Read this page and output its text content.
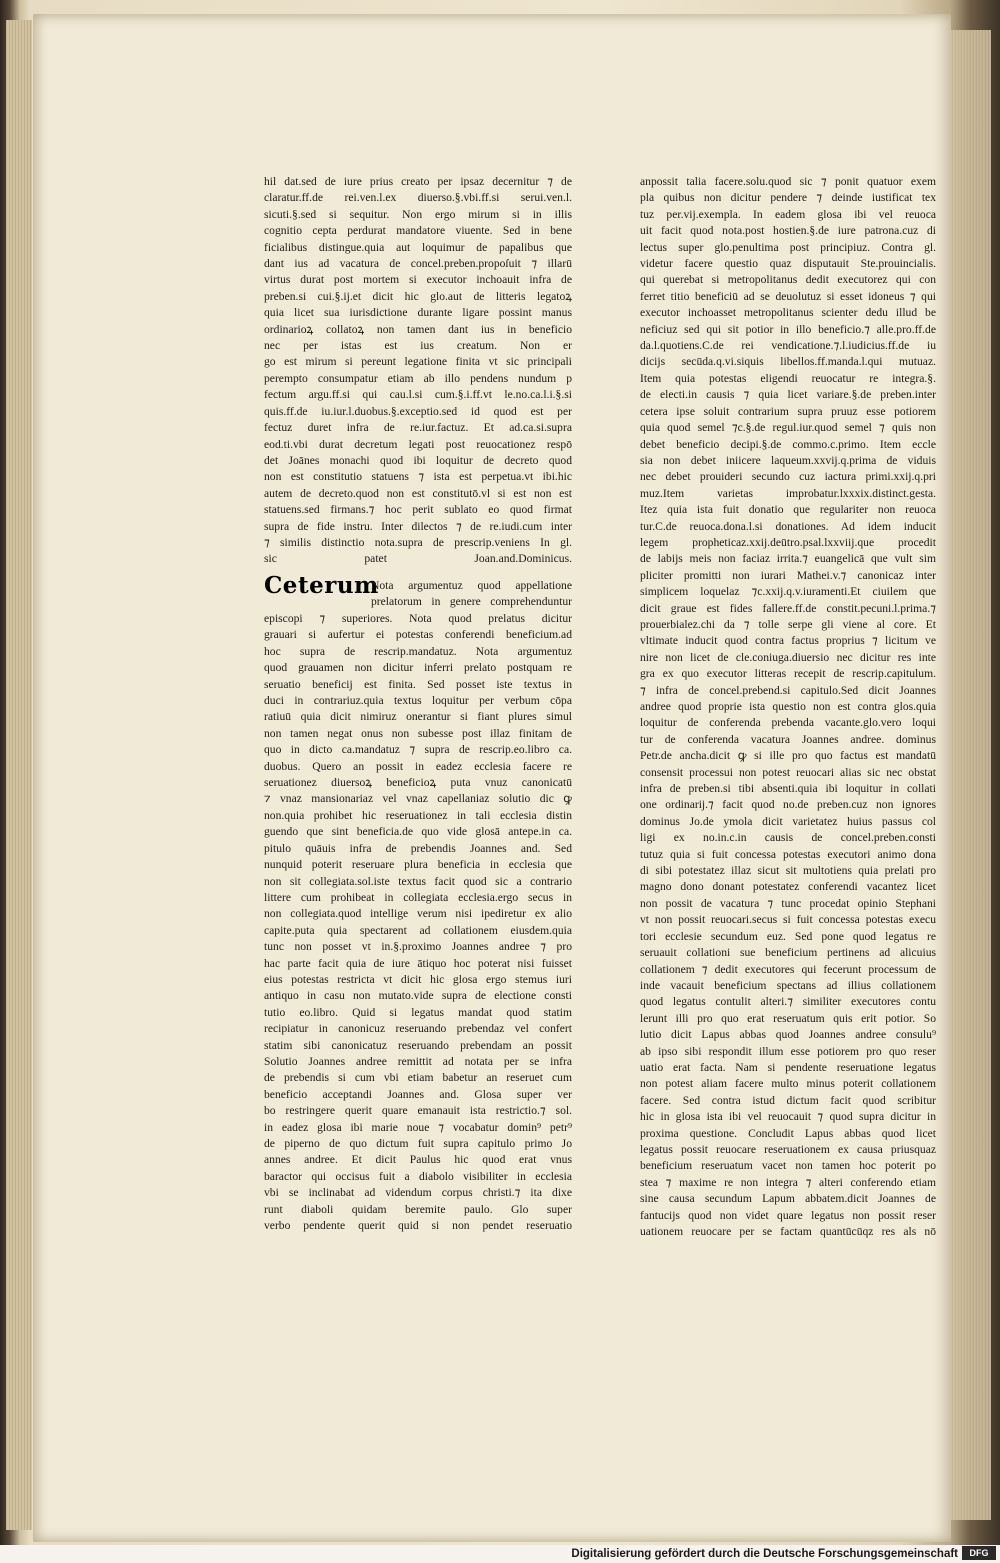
hil dat.sed de iure prius creato per ipsaz decernitur ⁊ de
claratur.ff.de rei.ven.l.ex diuerso.§.vbi.ff.si serui.ven.l.
sicuti.§.sed si sequitur. Non ergo mirum si in illis
cognitio cepta perdurat mandatore viuente. Sed in bene
ficialibus distingue.quia aut loquimur de papalibus que
dant ius ad vacatura de concel.preben.propoſuit ⁊ illarū
virtus durat post mortem si executor inchoauit infra de
preben.si cui.§.ij.et dicit hic glo.aut de litteris legatoꝝ
quia licet sua iurisdictione durante ligare possint manus
ordinarioꝝ collatoꝝ non tamen dant ius in beneficio
nec per istas est ius creatum. Non er
go est mirum si pereunt legatione finita vt sic principali
perempto consumpatur etiam ab illo pendens nundum p
fectum argu.ff.si qui cau.l.si cum.§.i.ff.vt le.no.ca.l.i.§.si
quis.ff.de iu.iur.l.duobus.§.exceptio.sed id quod est per
fectuz duret infra de re.iur.factuz. Et ad.ca.si.supra
eod.ti.vbi durat decretum legati post reuocationez respō
det Joānes monachi quod ibi loquitur de decreto quod
non est constitutio statuens ⁊ ista est perpetua.vt ibi.hic
autem de decreto.quod non est constitutō.vl si est non est
statuens.sed firmans.⁊ hoc perit sublato eo quod firmat
supra de fide instru. Inter dilectos ⁊ de re.iudi.cum inter
⁊ similis distinctio nota.supra de prescrip.veniens In gl.
sic patet Joan.and.Dominicus.
Ceterum
Nota argumentuz quod appellatione
prelatorum in genere comprehenduntur
episcopi ⁊ superiores. Nota quod prelatus dicitur
grauari si aufertur ei potestas conferendi beneficium.ad
hoc supra de rescrip.mandatuz. Nota argumentuz
quod grauamen non dicitur inferri prelato postquam re
seruatio beneficij est finita. Sed posset iste textus in
duci in contrariuz.quia textus loquitur per verbum cōpa
ratiuū quia dicit nimiruz onerantur si fiant plures simul
non tamen negat onus non subesse post illaz finitam de
quo in dicto ca.mandatuz ⁊ supra de rescrip.eo.libro ca.
duobus. Quero an possit in eadez ecclesia facere re
seruationez diuersoꝝ beneficioꝝ puta vnuz canonicatū
⁊ vnaz mansionariaz vel vnaz capellaniaz solutio dic ꝙ
non.quia prohibet hic reseruationez in tali ecclesia distin
guendo que sint beneficia.de quo vide glosā antepe.in ca.
pitulo quāuis infra de prebendis Joannes and. Sed
nunquid poterit reseruare plura beneficia in ecclesia que
non sit collegiata.sol.iste textus facit quod sic a contrario
littere cum prohibeat in collegiata ecclesia.ergo secus in
non collegiata.quod intellige verum nisi ipediretur ex alio
capite.puta quia spectarent ad collationem eiusdem.quia
tunc non posset vt in.§.proximo Joannes andree ⁊ pro
hac parte facit quia de iure ātiquo hoc poterat nisi fuisset
eius potestas restricta vt dicit hic glosa ergo stemus iuri
antiquo in casu non mutato.vide supra de electione consti
tutio eo.libro. Quid si legatus mandat quod statim
recipiatur in canonicuz reseruando prebendaz vel confert
statim sibi canonicatuz reseruando prebendam an possit
Solutio Joannes andree remittit ad notata per se infra
de prebendis si cum vbi etiam babetur an reseruet cum
beneficio acceptandi Joannes and. Glosa super ver
bo restringere querit quare emanauit ista restrictio.⁊ sol.
in eadez glosa ibi marie noue ⁊ vocabatur domin⁹ petr⁹
de piperno de quo dictum fuit supra capitulo primo Jo
annes andree. Et dicit Paulus hic quod erat vnus
baractor qui occisus fuit a diabolo visibiliter in ecclesia
vbi se inclinabat ad videndum corpus christi.⁊ ita dixe
runt diaboli quidam beremite paulo. Glo super
verbo pendente querit quid si non pendet reseruatio
anpossit talia facere.solu.quod sic ⁊ ponit quatuor exem
pla quibus non dicitur pendere ⁊ deinde iustificat tex
tuz per.vij.exempla. In eadem glosa ibi vel reuoca
uit facit quod nota.post hostien.§.de iure patrona.cuz di
lectus super glo.penultima post principiuz. Contra gl.
videtur facere questio quaz disputauit Ste.prouincialis.
qui querebat si metropolitanus dedit executorez qui con
ferret titio beneficiū ad se deuolutuz si esset idoneus ⁊ qui
executor inchoasset metropolitanus scienter dedu illud be
neficiuz sed qui sit potior in illo beneficio.⁊ alle.pro.ff.de
da.l.quotiens.C.de rei vendicatione.⁊.l.iudicius.ff.de iu
dicijs secūda.q.vi.siquis libellos.ff.manda.l.qui mutuaz.
Item quia potestas eligendi reuocatur re integra.§.
de electi.in causis ⁊ quia licet variare.§.de preben.inter
cetera ipse soluit contrarium supra pruuz esse potiorem
quia quod semel ⁊c.§.de regul.iur.quod semel ⁊ quis non
debet beneficio decipi.§.de commo.c.primo. Item eccle
sia non debet iniicere laqueum.xxvij.q.prima de viduis
nec debet prouideri secundo cuz iactura primi.xxij.q.pri
muz.Item varietas improbatur.lxxxix.distinct.gesta.
Itez quia ista fuit donatio que regulariter non reuoca
tur.C.de reuoca.dona.l.si donationes. Ad idem inducit
legem propheticaz.xxij.deūtro.psal.lxxviij.que procedit
de labijs meis non faciaz irrita.⁊ euangelicā que vult sim
pliciter promitti non iurari Mathei.v.⁊ canonicaz inter
simplicem loquelaz ⁊c.xxij.q.v.iuramenti.Et ciuilem que
dicit graue est fides fallere.ff.de constit.pecuni.l.prima.⁊
prouerbialez.chi da ⁊ tolle serpe gli viene al core. Et
vltimate inducit quod contra factus proprius ⁊ licitum ve
nire non licet de cle.coniuga.diuersio nec dicitur res inte
gra ex quo executor litteras recepit de rescrip.capitulum.
⁊ infra de concel.prebend.si capitulo.Sed dicit Joannes
andree quod proprie ista questio non est contra glos.quia
loquitur de conferenda prebenda vacante.glo.vero loqui
tur de conferenda vacatura Joannes andree. dominus
Petr.de ancha.dicit ꝙ si ille pro quo factus est mandatū
consensit processui non potest reuocari alias sic nec obstat
infra de preben.si tibi absenti.quia ibi loquitur in collati
one ordinarij.⁊ facit quod no.de preben.cuz non ignores
dominus Jo.de ymola dicit varietatez huius passus col
ligi ex no.in.c.in causis de concel.preben.consti
tutuz quia si fuit concessa potestas executori animo dona
di sibi potestatez illaz sicut sit multotiens quia prelati pro
magno dono donant potestatez conferendi vacantez licet
non possit de vacatura ⁊ tunc procedat opinio Stephani
vt non possit reuocari.secus si fuit concessa potestas execu
tori ecclesie secundum euz. Sed pone quod legatus re
seruauit collationi sue beneficium pertinens ad alicuius
collationem ⁊ dedit executores qui fecerunt processum de
inde vacauit beneficium spectans ad illius collationem
quod legatus contulit alteri.⁊ similiter executores contu
lerunt illi pro quo erat reseruatum quis erit potior. So
lutio dicit Lapus abbas quod Joannes andree consulu⁹
ab ipso sibi respondit illum esse potiorem pro quo reser
uatio erat facta. Nam si pendente reseruatione legatus
non potest aliam facere multo minus poterit collationem
facere. Sed contra istud dictum facit quod scribitur
hic in glosa ista ibi vel reuocauit ⁊ quod supra dicitur in
proxima questione. Concludit Lapus abbas quod licet
legatus possit reuocare reseruationem ex causa priusquaz
beneficium reseruatum vacet non tamen hoc poterit po
stea ⁊ maxime re non integra ⁊ alteri conferendo etiam
sine causa secundum Lapum abbatem.dicit Joannes de
fantucijs quod non videt quare legatus non possit reser
uationem reuocare per se factam quantūcūqz res als nō
Digitalisierung gefördert durch die Deutsche Forschungsgemeinschaft	DFG
